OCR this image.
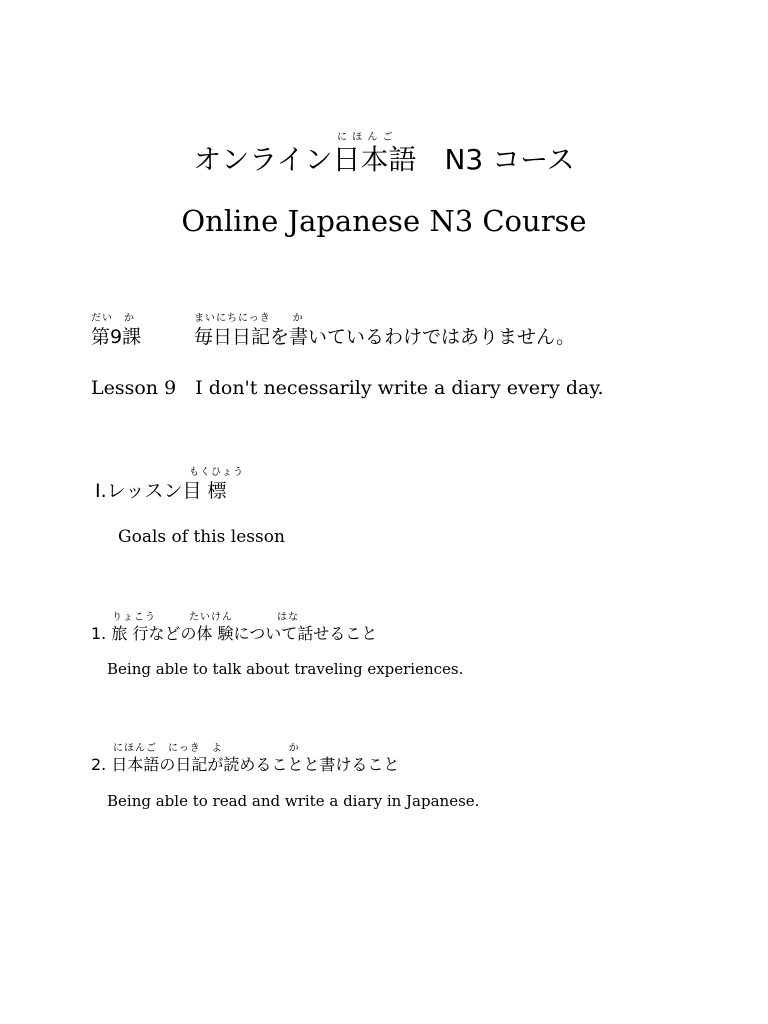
に ほ ん ご
オンライン日本語　N3 コース
Online Japanese N3 Course
だい　か
第9課
まいにちにっき　　か
毎日日記を書いているわけではありません。
Lesson 9　I don't necessarily write a diary every day.
もくひょう
Ⅰ.レッスン目 標
Goals of this lesson
りょこう　　　たいけん　　　　はな
1. 旅 行などの体 験について話せること
Being able to talk about traveling experiences.
にほんご　にっき　よ　　　　　　か
2. 日本語の日記が読めることと書けること
Being able to read and write a diary in Japanese.
